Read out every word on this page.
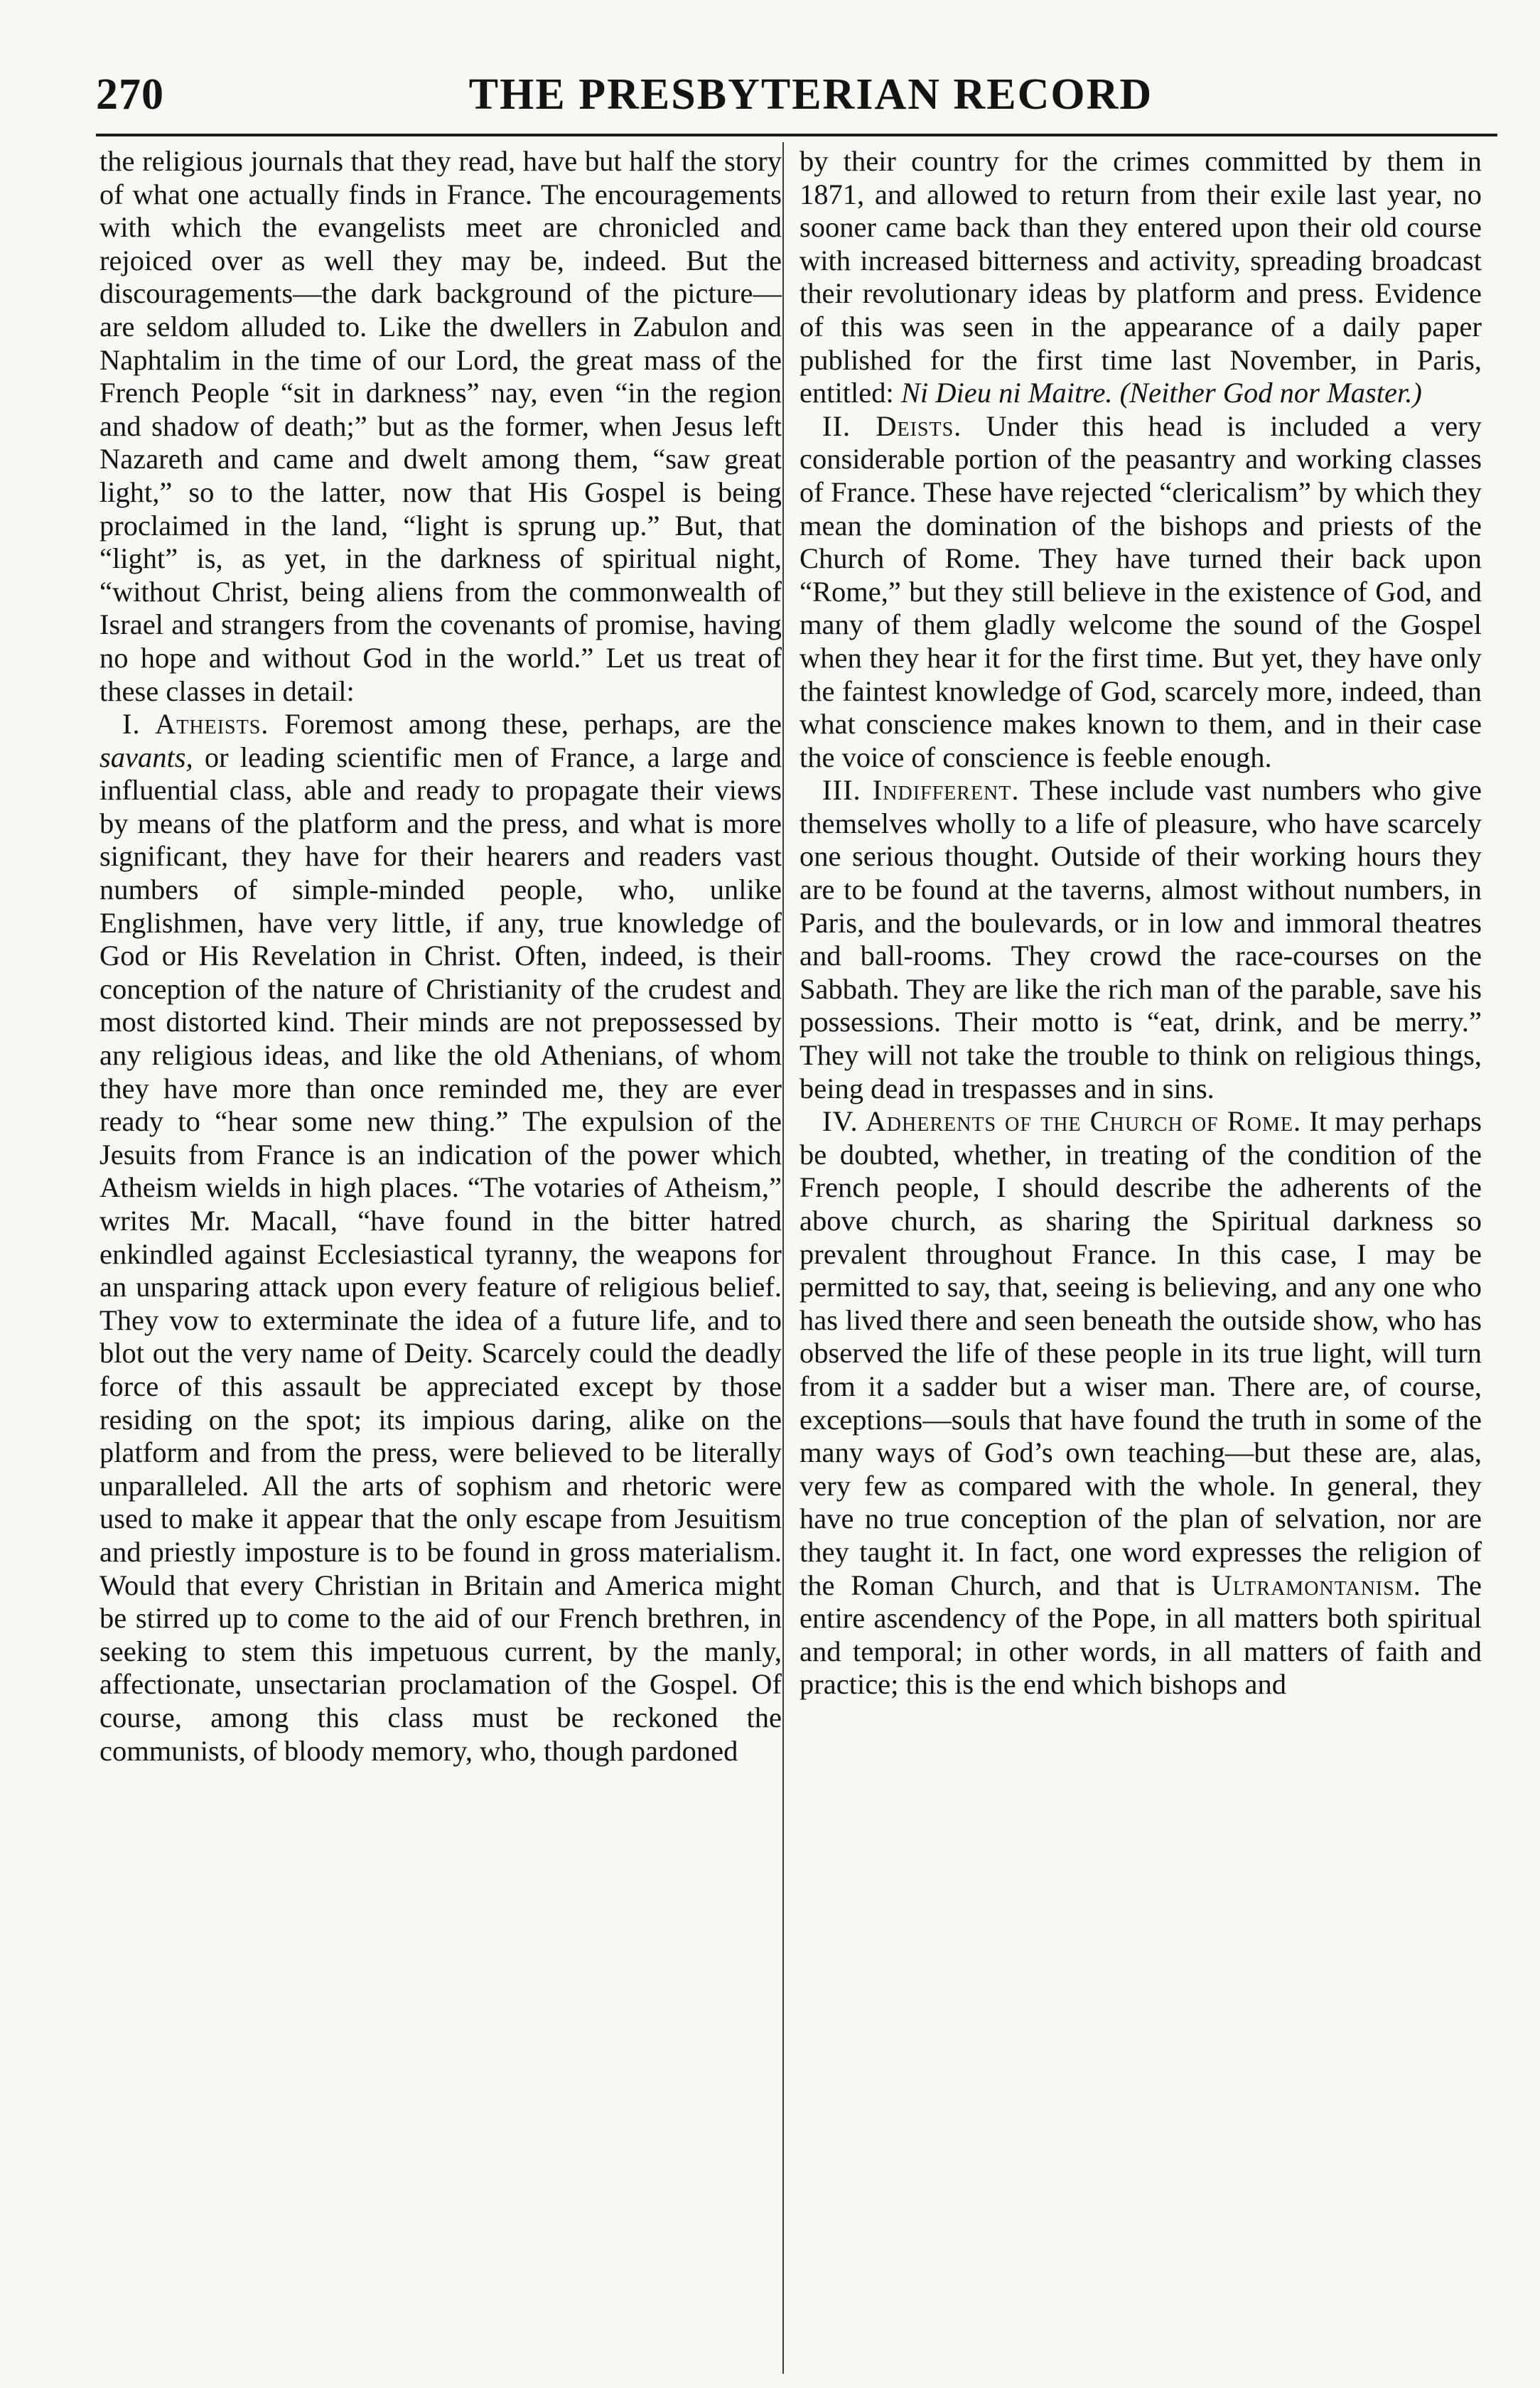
270	THE PRESBYTERIAN RECORD

the religious journals that they read, have but half the story of what one actually finds in France. The encouragements with which the evangelists meet are chronicled and rejoiced over as well they may be, indeed. But the discouragements—the dark background of the picture—are seldom alluded to. Like the dwellers in Zabulon and Naphtalim in the time of our Lord, the great mass of the French People “sit in darkness” nay, even “in the region and shadow of death;” but as the former, when Jesus left Nazareth and came and dwelt among them, “saw great light,” so to the latter, now that His Gospel is being proclaimed in the land, “light is sprung up.” But, that “light” is, as yet, in the darkness of spiritual night, “without Christ, being aliens from the commonwealth of Israel and strangers from the covenants of promise, having no hope and without God in the world.” Let us treat of these classes in detail:

I. Atheists. Foremost among these, perhaps, are the savants, or leading scientific men of France, a large and influential class, able and ready to propagate their views by means of the platform and the press, and what is more significant, they have for their hearers and readers vast numbers of simple-minded people, who, unlike Englishmen, have very little, if any, true knowledge of God or His Revelation in Christ. Often, indeed, is their conception of the nature of Christianity of the crudest and most distorted kind. Their minds are not prepossessed by any religious ideas, and like the old Athenians, of whom they have more than once reminded me, they are ever ready to “hear some new thing.” The expulsion of the Jesuits from France is an indication of the power which Atheism wields in high places. “The votaries of Atheism,” writes Mr. Macall, “have found in the bitter hatred enkindled against Ecclesiastical tyranny, the weapons for an unsparing attack upon every feature of religious belief. They vow to exterminate the idea of a future life, and to blot out the very name of Deity. Scarcely could the deadly force of this assault be appreciated except by those residing on the spot; its impious daring, alike on the platform and from the press, were believed to be literally unparalleled. All the arts of sophism and rhetoric were used to make it appear that the only escape from Jesuitism and priestly imposture is to be found in gross materialism. Would that every Christian in Britain and America might be stirred up to come to the aid of our French brethren, in seeking to stem this impetuous current, by the manly, affectionate, unsectarian proclamation of the Gospel. Of course, among this class must be reckoned the communists, of bloody memory, who, though pardoned

by their country for the crimes committed by them in 1871, and allowed to return from their exile last year, no sooner came back than they entered upon their old course with increased bitterness and activity, spreading broadcast their revolutionary ideas by platform and press. Evidence of this was seen in the appearance of a daily paper published for the first time last November, in Paris, entitled: Ni Dieu ni Maitre. (Neither God nor Master.)

II. Deists. Under this head is included a very considerable portion of the peasantry and working classes of France. These have rejected “clericalism” by which they mean the domination of the bishops and priests of the Church of Rome. They have turned their back upon “Rome,” but they still believe in the existence of God, and many of them gladly welcome the sound of the Gospel when they hear it for the first time. But yet, they have only the faintest knowledge of God, scarcely more, indeed, than what conscience makes known to them, and in their case the voice of conscience is feeble enough.

III. Indifferent. These include vast numbers who give themselves wholly to a life of pleasure, who have scarcely one serious thought. Outside of their working hours they are to be found at the taverns, almost without numbers, in Paris, and the boulevards, or in low and immoral theatres and ball-rooms. They crowd the race-courses on the Sabbath. They are like the rich man of the parable, save his possessions. Their motto is “eat, drink, and be merry.” They will not take the trouble to think on religious things, being dead in trespasses and in sins.

IV. Adherents of the Church of Rome. It may perhaps be doubted, whether, in treating of the condition of the French people, I should describe the adherents of the above church, as sharing the Spiritual darkness so prevalent throughout France. In this case, I may be permitted to say, that, seeing is believing, and any one who has lived there and seen beneath the outside show, who has observed the life of these people in its true light, will turn from it a sadder but a wiser man. There are, of course, exceptions—souls that have found the truth in some of the many ways of God’s own teaching—but these are, alas, very few as compared with the whole. In general, they have no true conception of the plan of selvation, nor are they taught it. In fact, one word expresses the religion of the Roman Church, and that is Ultramontanism. The entire ascendency of the Pope, in all matters both spiritual and temporal; in other words, in all matters of faith and practice; this is the end which bishops and
